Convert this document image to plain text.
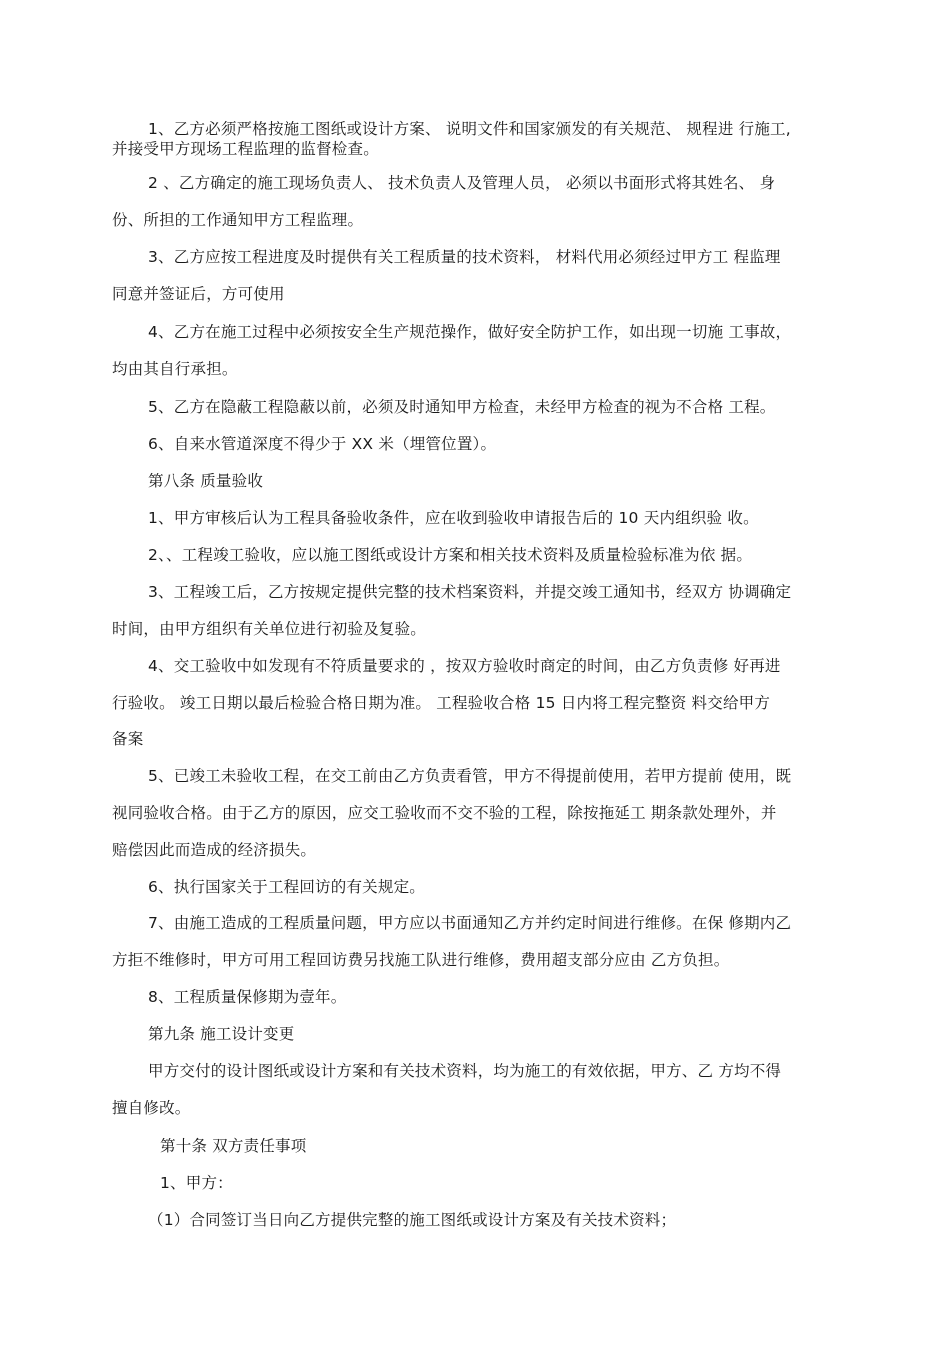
1、乙方必须严格按施工图纸或设计方案、 说明文件和国家颁发的有关规范、 规程进 行施工,
并接受甲方现场工程监理的监督检查。
2 、乙方确定的施工现场负责人、 技术负责人及管理人员， 必须以书面形式将其姓名、 身
份、所担的工作通知甲方工程监理。
3、乙方应按工程进度及时提供有关工程质量的技术资料， 材料代用必须经过甲方工 程监理
同意并签证后，方可使用
4、乙方在施工过程中必须按安全生产规范操作，做好安全防护工作，如出现一切施 工事故，
均由其自行承担。
5、乙方在隐蔽工程隐蔽以前，必须及时通知甲方检查，未经甲方检查的视为不合格 工程。
6、自来水管道深度不得少于 XX 米（埋管位置）。
第八条 质量验收
1、甲方审核后认为工程具备验收条件，应在收到验收申请报告后的 10 天内组织验 收。
2、、工程竣工验收，应以施工图纸或设计方案和相关技术资料及质量检验标准为依 据。
3、工程竣工后，乙方按规定提供完整的技术档案资料，并提交竣工通知书，经双方 协调确定
时间，由甲方组织有关单位进行初验及复验。
4、交工验收中如发现有不符质量要求的 ，按双方验收时商定的时间，由乙方负责修 好再进
行验收。 竣工日期以最后检验合格日期为准。 工程验收合格 15 日内将工程完整资 料交给甲方
备案
5、已竣工未验收工程，在交工前由乙方负责看管，甲方不得提前使用，若甲方提前 使用，既
视同验收合格。由于乙方的原因，应交工验收而不交不验的工程，除按拖延工 期条款处理外，并
赔偿因此而造成的经济损失。
6、执行国家关于工程回访的有关规定。
7、由施工造成的工程质量问题，甲方应以书面通知乙方并约定时间进行维修。在保 修期内乙
方拒不维修时，甲方可用工程回访费另找施工队进行维修，费用超支部分应由 乙方负担。
8、工程质量保修期为壹年。
第九条 施工设计变更
甲方交付的设计图纸或设计方案和有关技术资料，均为施工的有效依据，甲方、乙 方均不得
擅自修改。
第十条 双方责任事项
1、甲方：
（1）合同签订当日向乙方提供完整的施工图纸或设计方案及有关技术资料；
